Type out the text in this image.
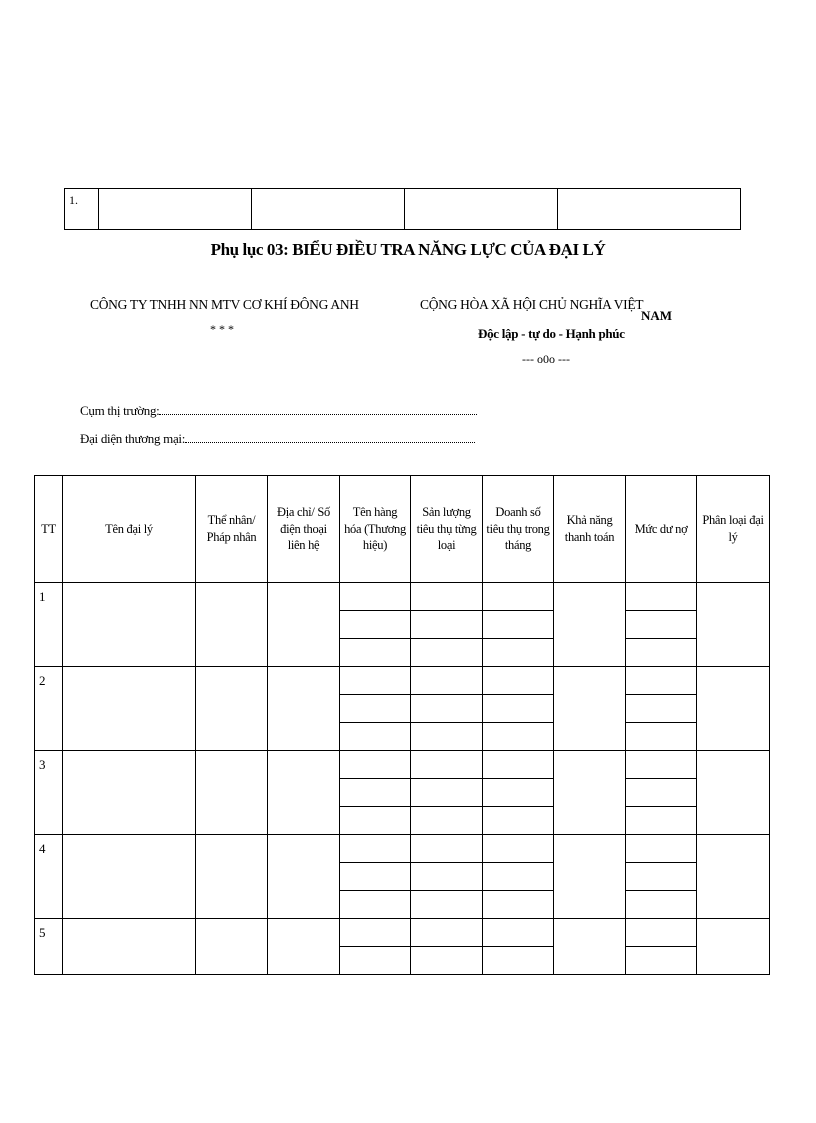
1.				
Phụ lục 03: BIỂU ĐIỀU TRA NĂNG LỰC CỦA ĐẠI LÝ
CÔNG TY TNHH NN MTV CƠ KHÍ ĐÔNG ANH
* * *
CỘNG HÒA XÃ HỘI CHỦ NGHĨA VIỆT
NAM
Độc lập - tự do - Hạnh phúc
--- o0o ---
Cụm thị trường:
Đại diện thương mại:
TT	Tên đại lý	Thể nhân/ Pháp nhân	Địa chỉ/ Số điện thoại liên hệ	Tên hàng hóa (Thương hiệu)	Sản lượng tiêu thụ từng loại	Doanh số tiêu thụ trong tháng	Khả năng thanh toán	Mức dư nợ	Phân loại đại lý
1									

2									

3									

4									

5									
